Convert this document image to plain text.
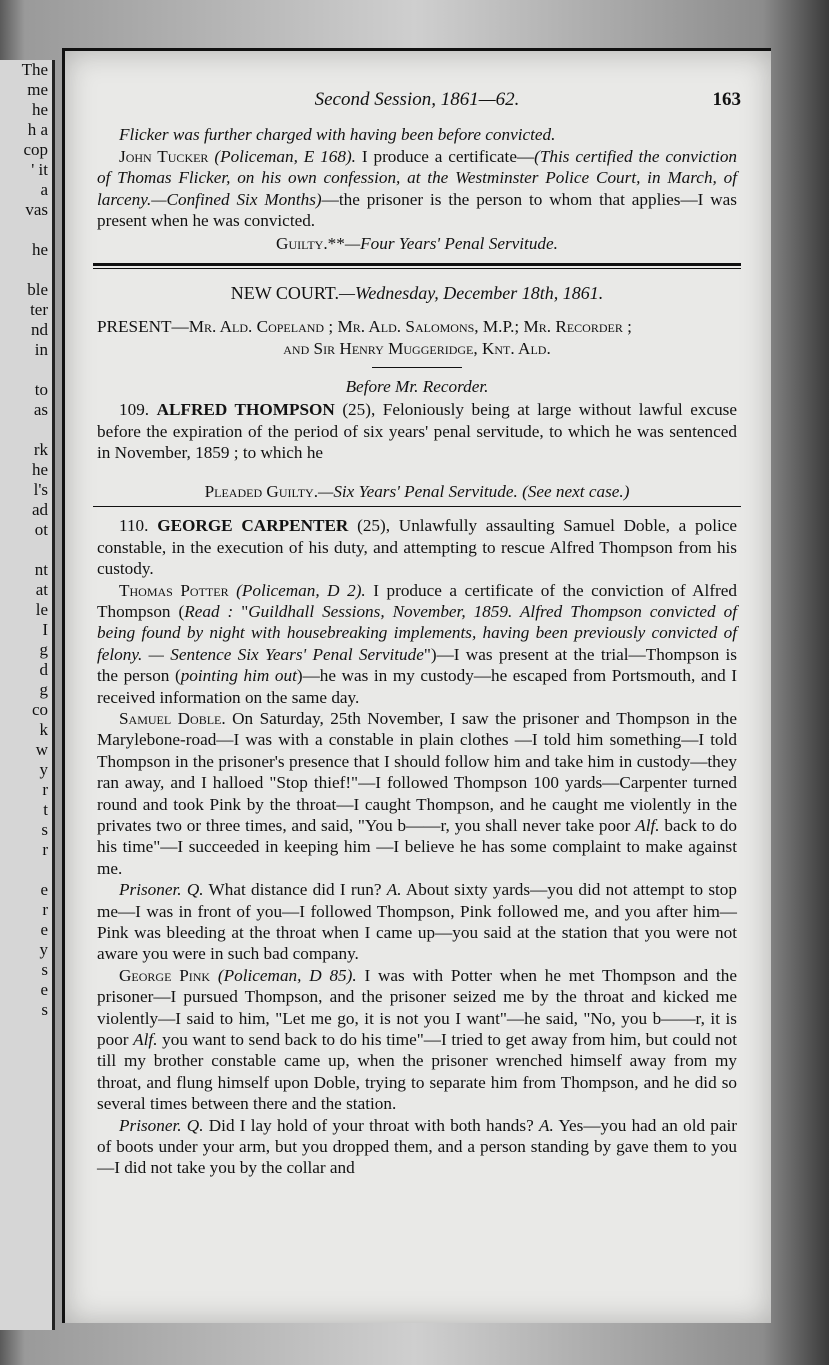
The
me
he
h a
cop
' it
a
vas

he

ble
ter
nd
in

to
as

rk
he
l's
ad
ot

nt
at
le
I
g
d
g
co
k
w
y
r
t
s
r

e
r
e
y
s
e
s
Second Session, 1861—62.	163

Flicker was further charged with having been before convicted.

John Tucker (Policeman, E 168). I produce a certificate—(This certified the conviction of Thomas Flicker, on his own confession, at the Westminster Police Court, in March, of larceny.—Confined Six Months)—the prisoner is the person to whom that applies—I was present when he was convicted.

Guilty.**—Four Years' Penal Servitude.

NEW COURT.—Wednesday, December 18th, 1861.
PRESENT—Mr. Ald. Copeland ; Mr. Ald. Salomons, M.P.; Mr. Recorder ;
and Sir Henry Muggeridge, Knt. Ald.
Before Mr. Recorder.

109. ALFRED THOMPSON (25), Feloniously being at large without lawful excuse before the expiration of the period of six years' penal servitude, to which he was sentenced in November, 1859 ; to which he

Pleaded Guilty.—Six Years' Penal Servitude. (See next case.)

110. GEORGE CARPENTER (25), Unlawfully assaulting Samuel Doble, a police constable, in the execution of his duty, and attempting to rescue Alfred Thompson from his custody.

Thomas Potter (Policeman, D 2). I produce a certificate of the conviction of Alfred Thompson (Read : "Guildhall Sessions, November, 1859. Alfred Thompson convicted of being found by night with housebreaking implements, having been previously convicted of felony. — Sentence Six Years' Penal Servitude")—I was present at the trial—Thompson is the person (pointing him out)—he was in my custody—he escaped from Portsmouth, and I received information on the same day.

Samuel Doble. On Saturday, 25th November, I saw the prisoner and Thompson in the Marylebone-road—I was with a constable in plain clothes —I told him something—I told Thompson in the prisoner's presence that I should follow him and take him in custody—they ran away, and I halloed "Stop thief!"—I followed Thompson 100 yards—Carpenter turned round and took Pink by the throat—I caught Thompson, and he caught me violently in the privates two or three times, and said, "You b——r, you shall never take poor Alf. back to do his time"—I succeeded in keeping him —I believe he has some complaint to make against me.

Prisoner. Q. What distance did I run? A. About sixty yards—you did not attempt to stop me—I was in front of you—I followed Thompson, Pink followed me, and you after him—Pink was bleeding at the throat when I came up—you said at the station that you were not aware you were in such bad company.

George Pink (Policeman, D 85). I was with Potter when he met Thompson and the prisoner—I pursued Thompson, and the prisoner seized me by the throat and kicked me violently—I said to him, "Let me go, it is not you I want"—he said, "No, you b——r, it is poor Alf. you want to send back to do his time"—I tried to get away from him, but could not till my brother constable came up, when the prisoner wrenched himself away from my throat, and flung himself upon Doble, trying to separate him from Thompson, and he did so several times between there and the station.

Prisoner. Q. Did I lay hold of your throat with both hands? A. Yes—you had an old pair of boots under your arm, but you dropped them, and a person standing by gave them to you—I did not take you by the collar and
